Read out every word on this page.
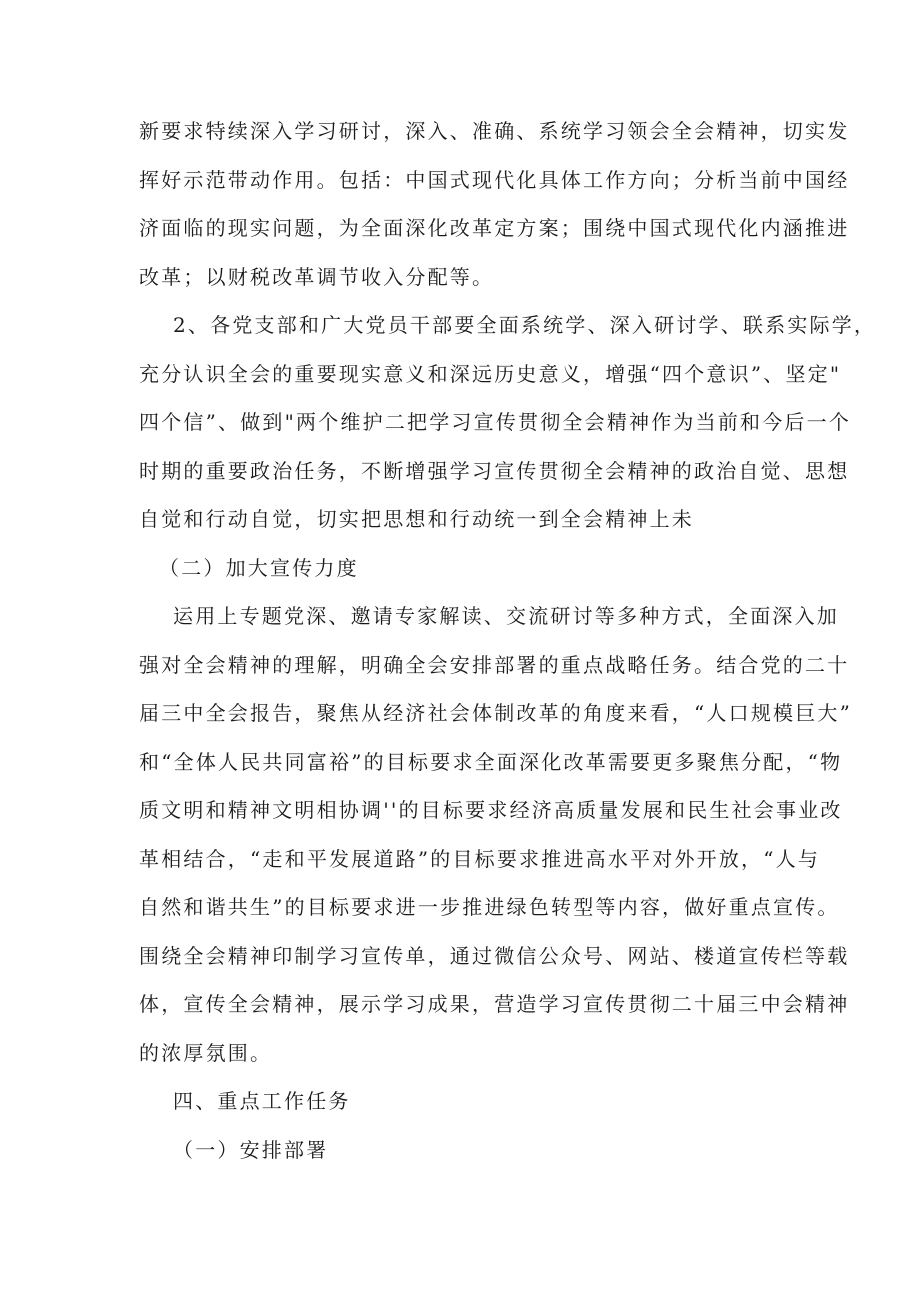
新要求特续深入学习研讨，深入、准确、系统学习领会全会精神，切实发
挥好示范带动作用。包括：中国式现代化具体工作方向；分析当前中国经
济面临的现实问题，为全面深化改革定方案；围绕中国式现代化内涵推进
改革；以财税改革调节收入分配等。
2、各党支部和广大党员干部要全面系统学、深入研讨学、联系实际学，
充分认识全会的重要现实意义和深远历史意义，增强“四个意识”、坚定"
四个信”、做到"两个维护二把学习宣传贯彻全会精神作为当前和今后一个
时期的重要政治任务，不断增强学习宣传贯彻全会精神的政治自觉、思想
自觉和行动自觉，切实把思想和行动统一到全会精神上未
（二）加大宣传力度
运用上专题党深、邀请专家解读、交流研讨等多种方式，全面深入加
强对全会精神的理解，明确全会安排部署的重点战略任务。结合党的二十
届三中全会报告，聚焦从经济社会体制改革的角度来看，“人口规模巨大”
和“全体人民共同富裕”的目标要求全面深化改革需要更多聚焦分配，“物
质文明和精神文明相协调''的目标要求经济高质量发展和民生社会事业改
革相结合，“走和平发展道路”的目标要求推进高水平对外开放，“人与
自然和谐共生”的目标要求进一步推进绿色转型等内容，做好重点宣传。
围绕全会精神印制学习宣传单，通过微信公众号、网站、楼道宣传栏等载
体，宣传全会精神，展示学习成果，营造学习宣传贯彻二十届三中会精神
的浓厚氛围。
四、重点工作任务
（一）安排部署
